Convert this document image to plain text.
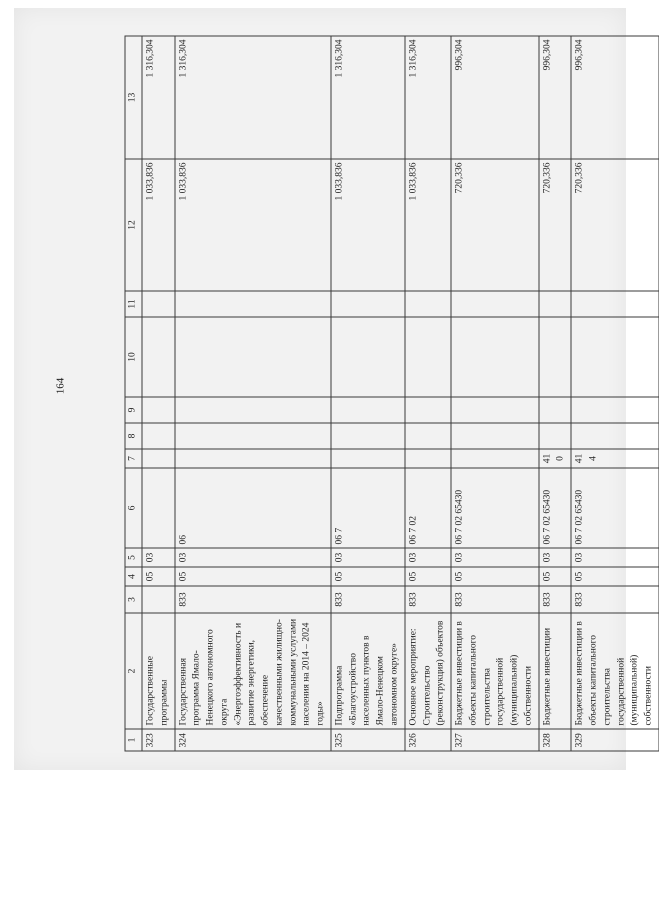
164
1	2	3	4	5	6	7	8	9	10	11	12	13
323	Государственные программы		05	03							1 033,836	1 316,304
324	Государственная программа Ямало-Ненецкого автономного округа «Энергоэффективность и развитие энергетики, обеспечение качественными жилищно-коммунальными услугами населения на 2014 – 2024 годы»	833	05	03	06						1 033,836	1 316,304
325	Подпрограмма «Благоустройство населенных пунктов в Ямало-Ненецком автономном округе»	833	05	03	06 7						1 033,836	1 316,304
326	Основное мероприятие: Строительство (реконструкция) объектов	833	05	03	06 7 02						1 033,836	1 316,304
327	Бюджетные инвестиции в объекты капитального строительства государственной (муниципальной) собственности	833	05	03	06 7 02 65430						720,336	996,304
328	Бюджетные инвестиции	833	05	03	06 7 02 65430	410					720,336	996,304
329	Бюджетные инвестиции в объекты капитального строительства государственной (муниципальной) собственности	833	05	03	06 7 02 65430	414					720,336	996,304
